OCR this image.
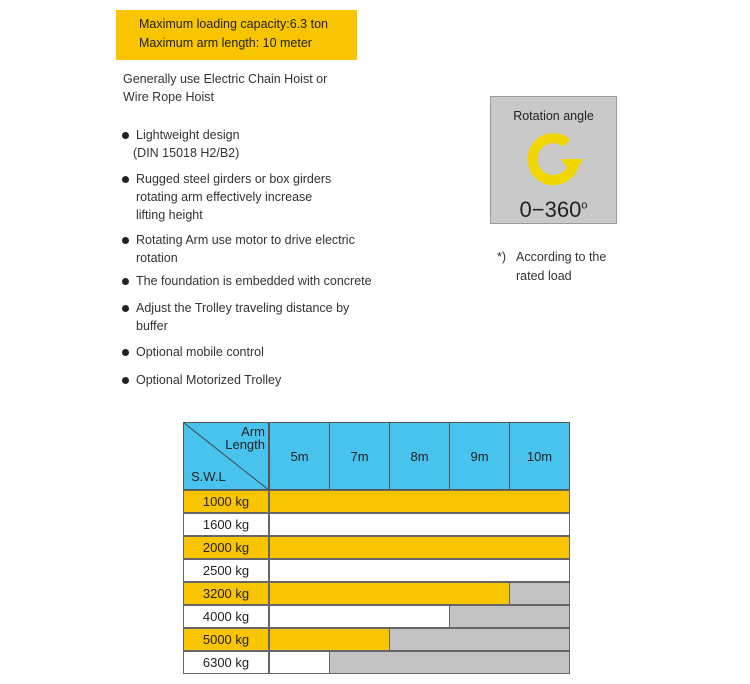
Maximum loading capacity:6.3 ton
Maximum arm length: 10 meter
Generally use Electric Chain Hoist or
Wire Rope Hoist
Lightweight design
(DIN 15018 H2/B2)
Rugged steel girders or box girders
rotating arm effectively increase
lifting height
Rotating Arm use motor to drive electric
rotation
The foundation is embedded with concrete
Adjust the Trolley traveling distance by
buffer
Optional mobile control
Optional Motorized Trolley
Rotation angle
$0-360^o$
*) According to the
rated load
Arm
Length
S.W.L
5m	7m	8m	9m	10m
1000 kg
1600 kg
2000 kg
2500 kg
3200 kg
4000 kg
5000 kg
6300 kg
